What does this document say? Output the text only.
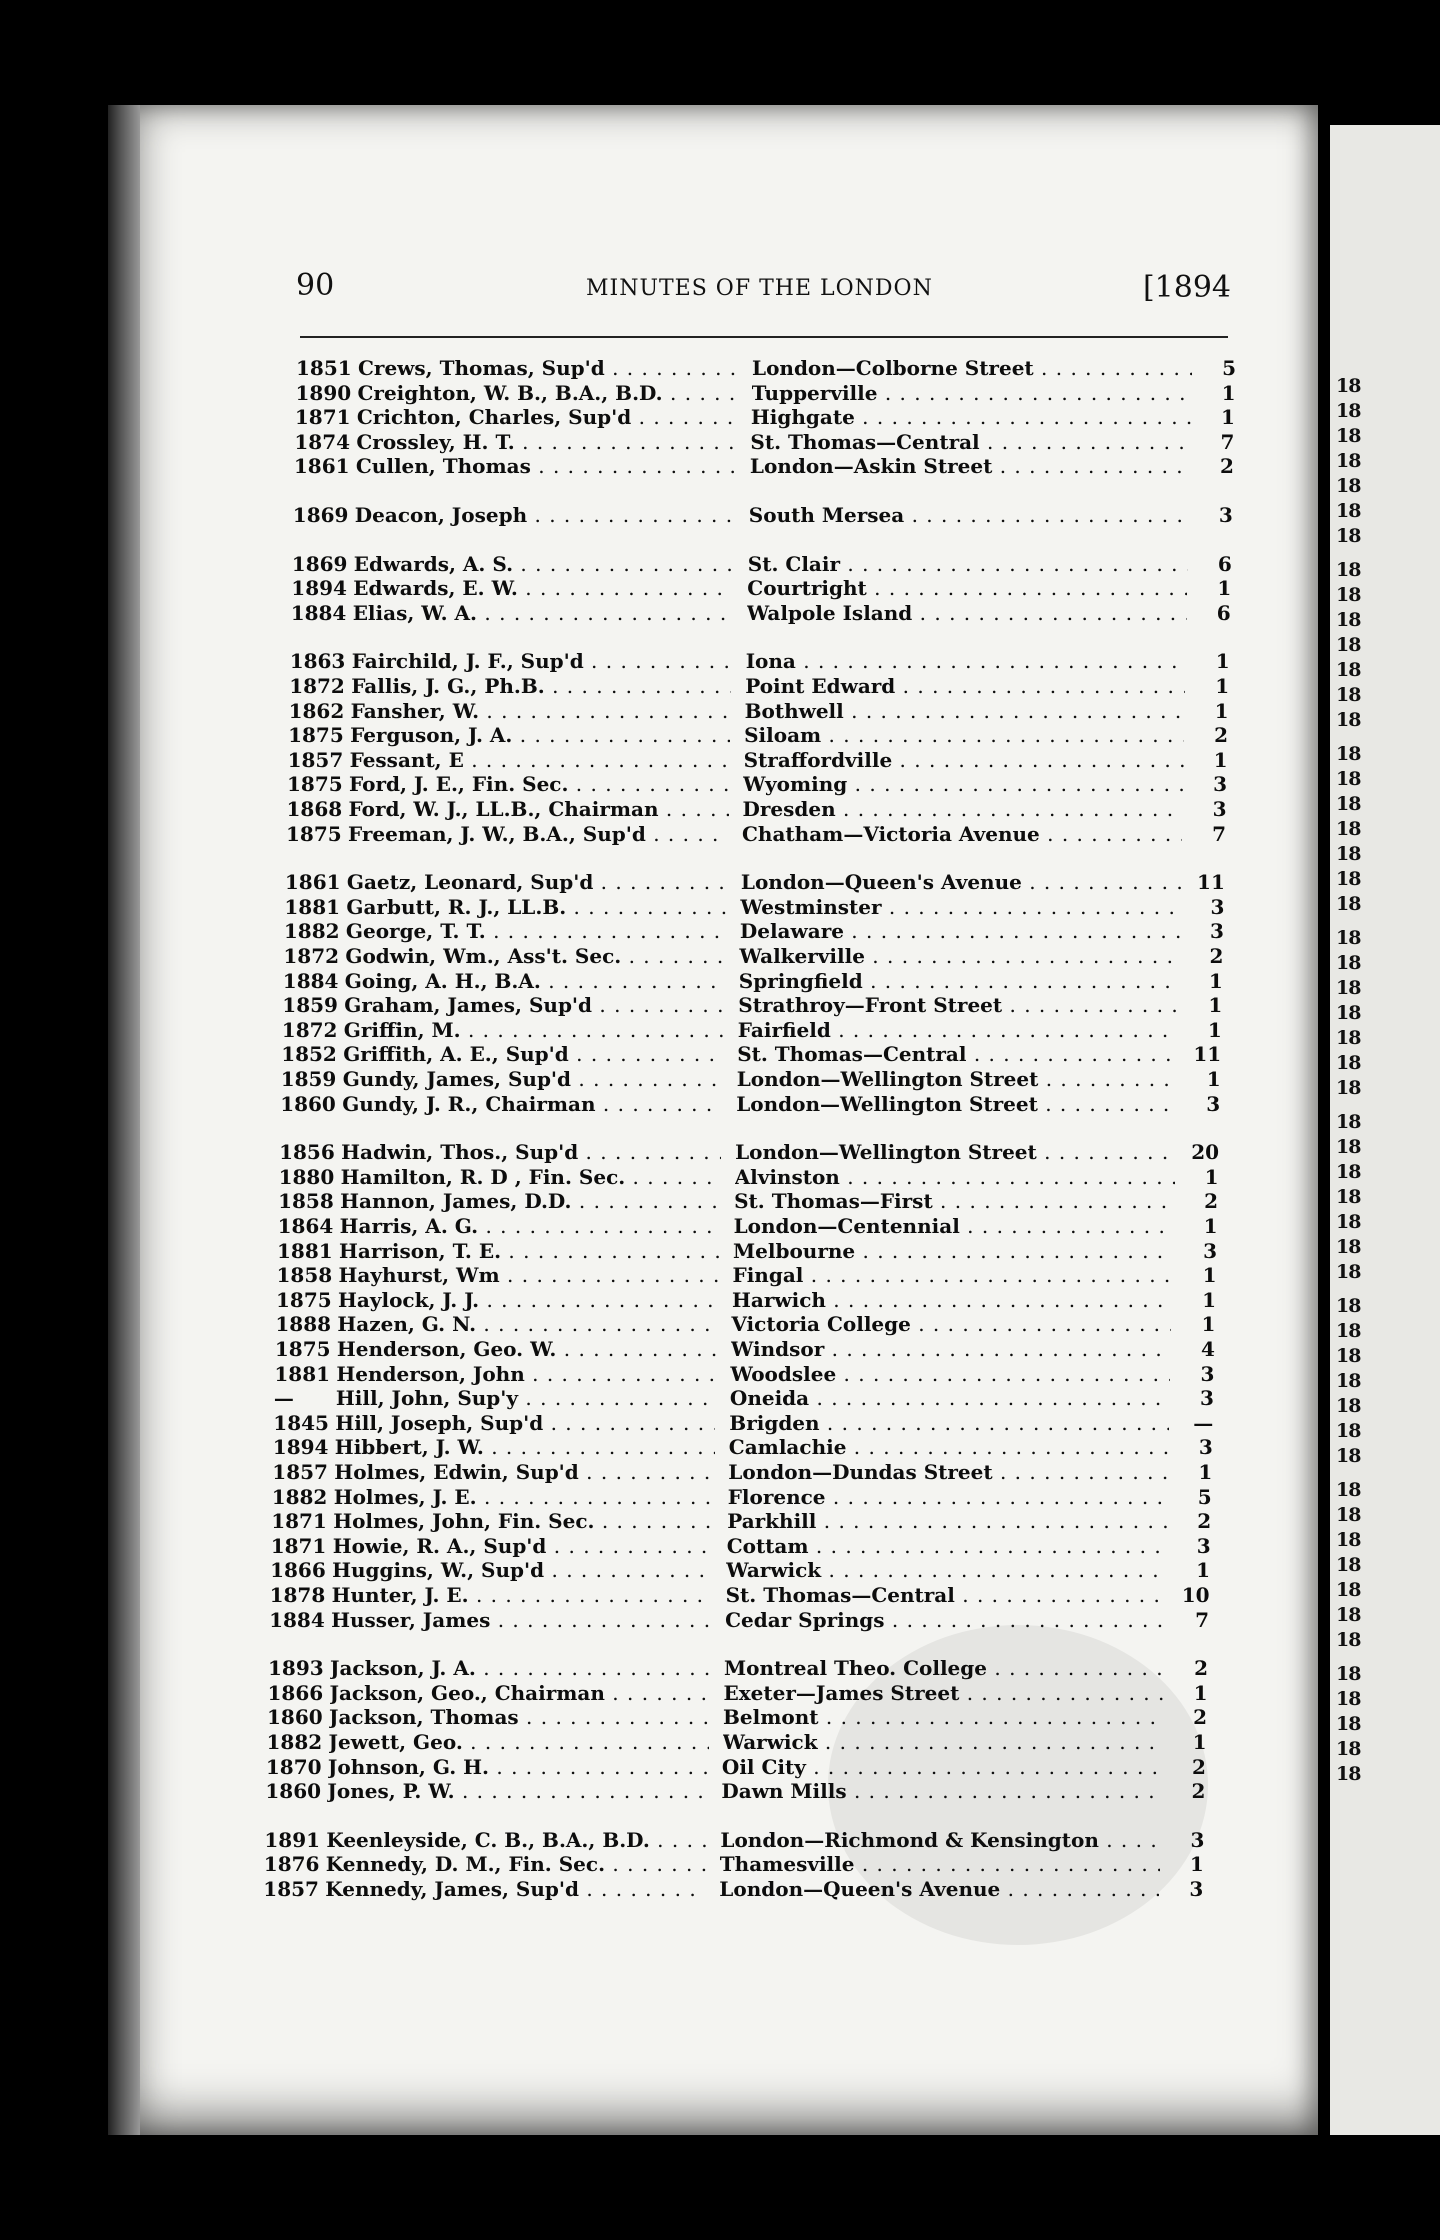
18
18
18
18
18
18
18
18
18
18
18
18
18
18
18
18
18
18
18
18
18
18
18
18
18
18
18
18
18
18
18
18
18
18
18
18
18
18
18
18
18
18
18
18
18
18
18
18
18
18
18
18
18
18
90	MINUTES OF THE LONDON	[1894
1851 Crews, Thomas, Sup'd . . .	London—Colborne Street . . .	5
1890 Creighton, W. B., B.A., B.D. . . .	Tupperville . . .	1
1871 Crichton, Charles, Sup'd . . .	Highgate . . .	1
1874 Crossley, H. T. . . .	St. Thomas—Central . . .	7
1861 Cullen, Thomas . . .	London—Askin Street . . .	2
1869 Deacon, Joseph . . .	South Mersea . . .	3
1869 Edwards, A. S. . . .	St. Clair . . .	6
1894 Edwards, E. W. . . .	Courtright . . .	1
1884 Elias, W. A. . . .	Walpole Island . . .	6
1863 Fairchild, J. F., Sup'd . . .	Iona . . .	1
1872 Fallis, J. G., Ph.B. . . .	Point Edward . . .	1
1862 Fansher, W. . . .	Bothwell . . .	1
1875 Ferguson, J. A. . . .	Siloam . . .	2
1857 Fessant, E . . .	Straffordville . . .	1
1875 Ford, J. E., Fin. Sec. . . .	Wyoming . . .	3
1868 Ford, W. J., LL.B., Chairman . . .	Dresden . . .	3
1875 Freeman, J. W., B.A., Sup'd . . .	Chatham—Victoria Avenue . . .	7
1861 Gaetz, Leonard, Sup'd . . .	London—Queen's Avenue . . .	11
1881 Garbutt, R. J., LL.B. . . .	Westminster . . .	3
1882 George, T. T. . . .	Delaware . . .	3
1872 Godwin, Wm., Ass't. Sec. . . .	Walkerville . . .	2
1884 Going, A. H., B.A. . . .	Springfield . . .	1
1859 Graham, James, Sup'd . . .	Strathroy—Front Street . . .	1
1872 Griffin, M. . . .	Fairfield . . .	1
1852 Griffith, A. E., Sup'd . . .	St. Thomas—Central . . .	11
1859 Gundy, James, Sup'd . . .	London—Wellington Street . . .	1
1860 Gundy, J. R., Chairman . . .	London—Wellington Street . . .	3
1856 Hadwin, Thos., Sup'd . . .	London—Wellington Street . . .	20
1880 Hamilton, R. D , Fin. Sec. . . .	Alvinston . . .	1
1858 Hannon, James, D.D. . . .	St. Thomas—First . . .	2
1864 Harris, A. G. . . .	London—Centennial . . .	1
1881 Harrison, T. E. . . .	Melbourne . . .	3
1858 Hayhurst, Wm . . .	Fingal . . .	1
1875 Haylock, J. J. . . .	Harwich . . .	1
1888 Hazen, G. N. . . .	Victoria College . . .	1
1875 Henderson, Geo. W. . . .	Windsor . . .	4
1881 Henderson, John . . .	Woodslee . . .	3
—	Hill, John, Sup'y . . .	Oneida . . .	3
1845 Hill, Joseph, Sup'd . . .	Brigden . . .	—
1894 Hibbert, J. W. . . .	Camlachie . . .	3
1857 Holmes, Edwin, Sup'd . . .	London—Dundas Street . . .	1
1882 Holmes, J. E. . . .	Florence . . .	5
1871 Holmes, John, Fin. Sec. . . .	Parkhill . . .	2
1871 Howie, R. A., Sup'd . . .	Cottam . . .	3
1866 Huggins, W., Sup'd . . .	Warwick . . .	1
1878 Hunter, J. E. . . .	St. Thomas—Central . . .	10
1884 Husser, James . . .	Cedar Springs . . .	7
1893 Jackson, J. A. . . .	Montreal Theo. College . . .	2
1866 Jackson, Geo., Chairman . . .	Exeter—James Street . . .	1
1860 Jackson, Thomas . . .	Belmont . . .	2
1882 Jewett, Geo. . . .	Warwick . . .	1
1870 Johnson, G. H. . . .	Oil City . . .	2
1860 Jones, P. W. . . .	Dawn Mills . . .	2
1891 Keenleyside, C. B., B.A., B.D. . . .	London—Richmond & Kensington . . .	3
1876 Kennedy, D. M., Fin. Sec. . . .	Thamesville . . .	1
1857 Kennedy, James, Sup'd . . .	London—Queen's Avenue . . .	3
